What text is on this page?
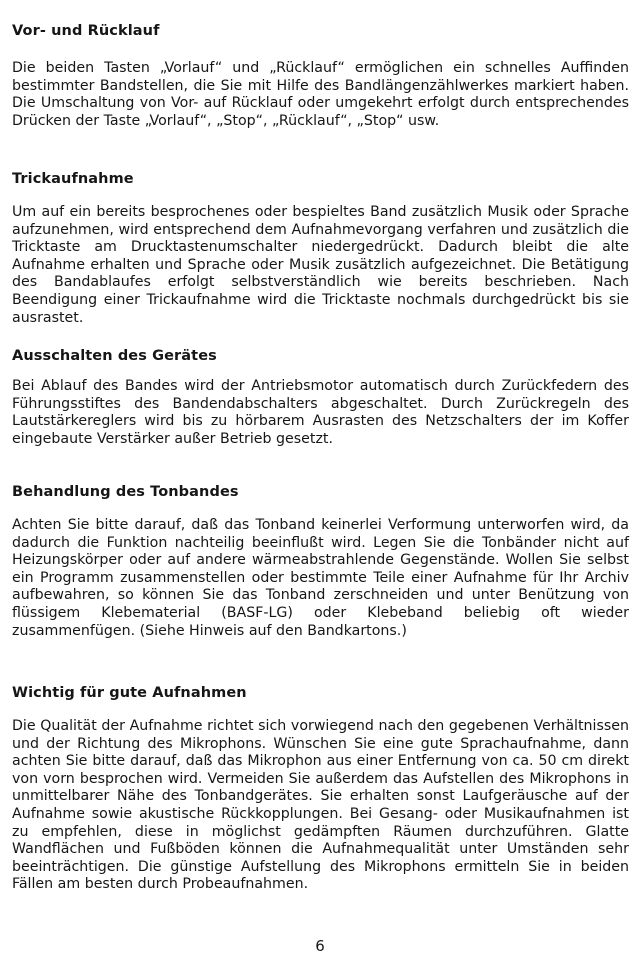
Vor- und Rücklauf

Die beiden Tasten „Vorlauf“ und „Rücklauf“ ermöglichen ein schnelles Auffinden bestimmter Bandstellen, die Sie mit Hilfe des Bandlängenzählwerkes markiert haben. Die Umschaltung von Vor- auf Rücklauf oder umgekehrt erfolgt durch entsprechendes Drücken der Taste „Vorlauf“, „Stop“, „Rücklauf“, „Stop“ usw.

Trickaufnahme

Um auf ein bereits besprochenes oder bespieltes Band zusätzlich Musik oder Sprache aufzunehmen, wird entsprechend dem Aufnahmevorgang verfahren und zusätzlich die Tricktaste am Drucktastenumschalter niedergedrückt. Dadurch bleibt die alte Aufnahme erhalten und Sprache oder Musik zusätzlich aufgezeichnet. Die Betätigung des Bandablaufes erfolgt selbstverständlich wie bereits beschrieben. Nach Beendigung einer Trickaufnahme wird die Tricktaste nochmals durchgedrückt bis sie ausrastet.

Ausschalten des Gerätes

Bei Ablauf des Bandes wird der Antriebsmotor automatisch durch Zurückfedern des Führungsstiftes des Bandendabschalters abgeschaltet. Durch Zurückregeln des Lautstärkereglers wird bis zu hörbarem Ausrasten des Netzschalters der im Koffer eingebaute Verstärker außer Betrieb gesetzt.

Behandlung des Tonbandes

Achten Sie bitte darauf, daß das Tonband keinerlei Verformung unterworfen wird, da dadurch die Funktion nachteilig beeinflußt wird. Legen Sie die Tonbänder nicht auf Heizungskörper oder auf andere wärmeabstrahlende Gegenstände. Wollen Sie selbst ein Programm zusammenstellen oder bestimmte Teile einer Aufnahme für Ihr Archiv aufbewahren, so können Sie das Tonband zerschneiden und unter Benützung von flüssigem Klebematerial (BASF-LG) oder Klebeband beliebig oft wieder zusammenfügen. (Siehe Hinweis auf den Bandkartons.)

Wichtig für gute Aufnahmen

Die Qualität der Aufnahme richtet sich vorwiegend nach den gegebenen Verhältnissen und der Richtung des Mikrophons. Wünschen Sie eine gute Sprachaufnahme, dann achten Sie bitte darauf, daß das Mikrophon aus einer Entfernung von ca. 50 cm direkt von vorn besprochen wird. Vermeiden Sie außerdem das Aufstellen des Mikrophons in unmittelbarer Nähe des Tonbandgerätes. Sie erhalten sonst Laufgeräusche auf der Aufnahme sowie akustische Rückkopplungen. Bei Gesang- oder Musikaufnahmen ist zu empfehlen, diese in möglichst gedämpften Räumen durchzuführen. Glatte Wandflächen und Fußböden können die Aufnahmequalität unter Umständen sehr beeinträchtigen. Die günstige Aufstellung des Mikrophons ermitteln Sie in beiden Fällen am besten durch Probeaufnahmen.

6
